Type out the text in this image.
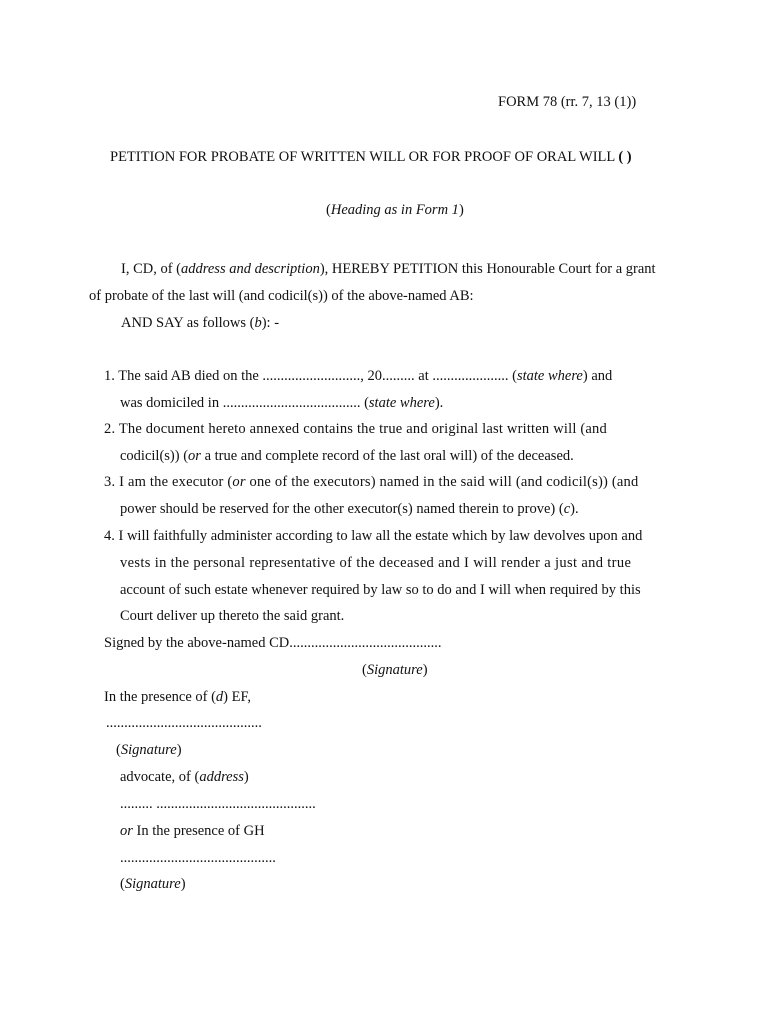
FORM 78 (rr. 7, 13 (1))
PETITION FOR PROBATE OF WRITTEN WILL OR FOR PROOF OF ORAL WILL ( )
(Heading as in Form 1)
I, CD, of (address and description), HEREBY PETITION this Honourable Court for a grant
of probate of the last will (and codicil(s)) of the above-named AB:
AND SAY as follows (b): -
1. The said AB died on the ..........................., 20......... at ..................... (state where) and
was domiciled in ...................................... (state where).
2. The document hereto annexed contains the true and original last written will (and
codicil(s)) (or a true and complete record of the last oral will) of the deceased.
3. I am the executor (or one of the executors) named in the said will (and codicil(s)) (and
power should be reserved for the other executor(s) named therein to prove) (c).
4. I will faithfully administer according to law all the estate which by law devolves upon and
vests in the personal representative of the deceased and I will render a just and true
account of such estate whenever required by law so to do and I will when required by this
Court deliver up thereto the said grant.
Signed by the above-named CD..........................................
(Signature)
In the presence of (d) EF,
...........................................
(Signature)
advocate, of (address)
......... ............................................
or In the presence of GH
...........................................
(Signature)
